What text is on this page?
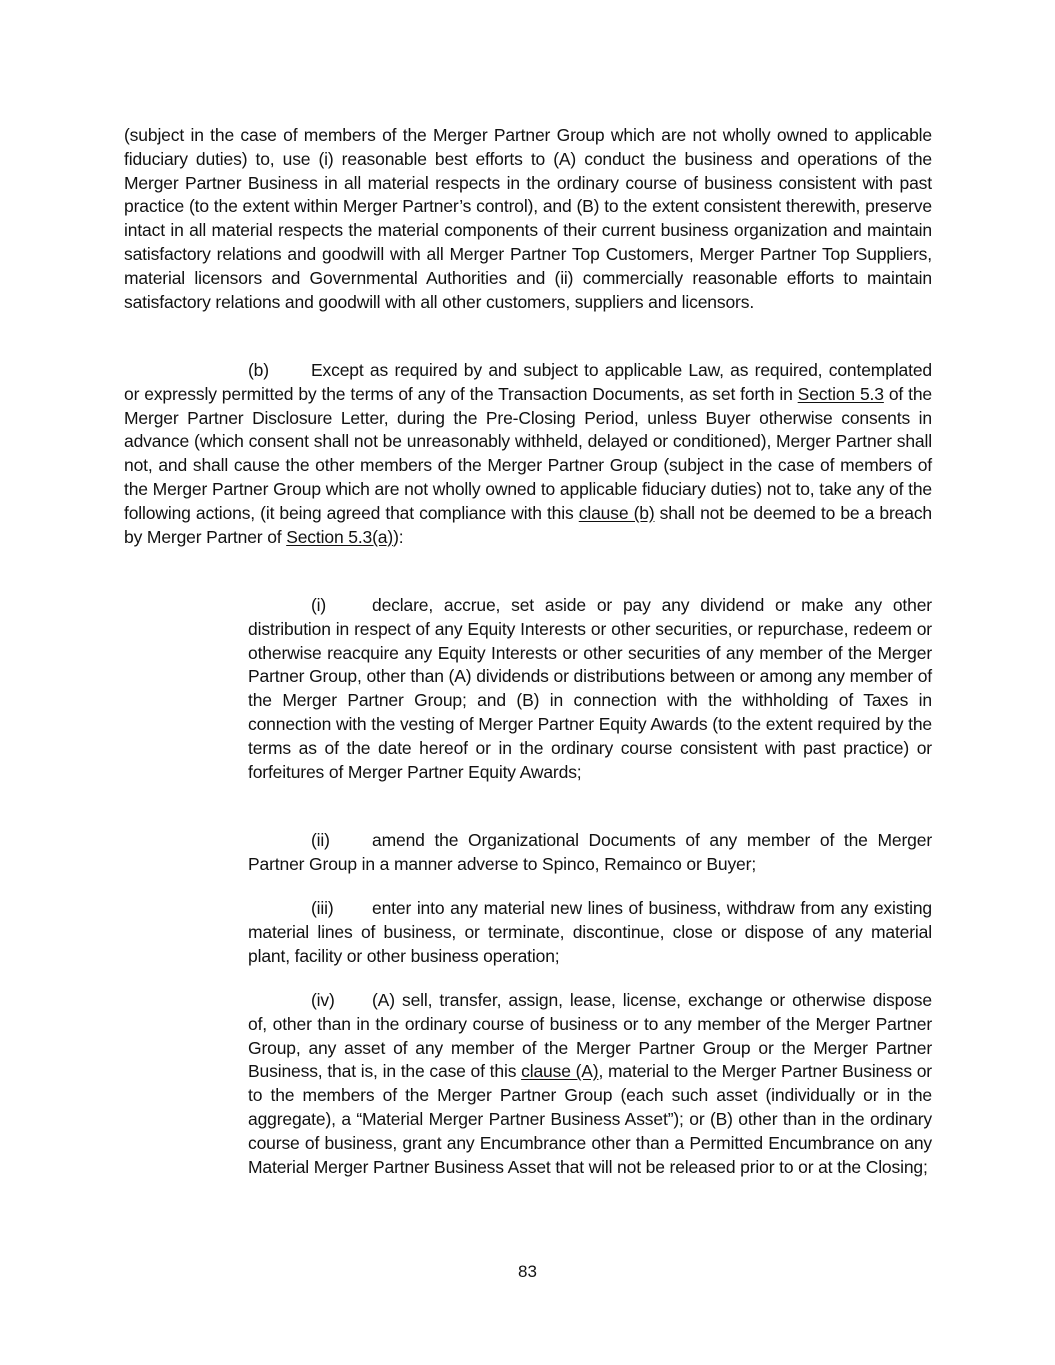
(subject in the case of members of the Merger Partner Group which are not wholly owned to applicable fiduciary duties) to, use (i) reasonable best efforts to (A) conduct the business and operations of the Merger Partner Business in all material respects in the ordinary course of business consistent with past practice (to the extent within Merger Partner’s control), and (B) to the extent consistent therewith, preserve intact in all material respects the material components of their current business organization and maintain satisfactory relations and goodwill with all Merger Partner Top Customers, Merger Partner Top Suppliers, material licensors and Governmental Authorities and (ii) commercially reasonable efforts to maintain satisfactory relations and goodwill with all other customers, suppliers and licensors.

(b) Except as required by and subject to applicable Law, as required, contemplated or expressly permitted by the terms of any of the Transaction Documents, as set forth in Section 5.3 of the Merger Partner Disclosure Letter, during the Pre-Closing Period, unless Buyer otherwise consents in advance (which consent shall not be unreasonably withheld, delayed or conditioned), Merger Partner shall not, and shall cause the other members of the Merger Partner Group (subject in the case of members of the Merger Partner Group which are not wholly owned to applicable fiduciary duties) not to, take any of the following actions, (it being agreed that compliance with this clause (b) shall not be deemed to be a breach by Merger Partner of Section 5.3(a)):

(i)	declare, accrue, set aside or pay any dividend or make any other distribution in respect of any Equity Interests or other securities, or repurchase, redeem or otherwise reacquire any Equity Interests or other securities of any member of the Merger Partner Group, other than (A) dividends or distributions between or among any member of the Merger Partner Group; and (B) in connection with the withholding of Taxes in connection with the vesting of Merger Partner Equity Awards (to the extent required by the terms as of the date hereof or in the ordinary course consistent with past practice) or forfeitures of Merger Partner Equity Awards;

(ii) amend the Organizational Documents of any member of the Merger Partner Group in a manner adverse to Spinco, Remainco or Buyer;

(iii) enter into any material new lines of business, withdraw from any existing material lines of business, or terminate, discontinue, close or dispose of any material plant, facility or other business operation;

(iv) (A) sell, transfer, assign, lease, license, exchange or otherwise dispose of, other than in the ordinary course of business or to any member of the Merger Partner Group, any asset of any member of the Merger Partner Group or the Merger Partner Business, that is, in the case of this clause (A), material to the Merger Partner Business or to the members of the Merger Partner Group (each such asset (individually or in the aggregate), a “Material Merger Partner Business Asset”); or (B) other than in the ordinary course of business, grant any Encumbrance other than a Permitted Encumbrance on any Material Merger Partner Business Asset that will not be released prior to or at the Closing;

83
